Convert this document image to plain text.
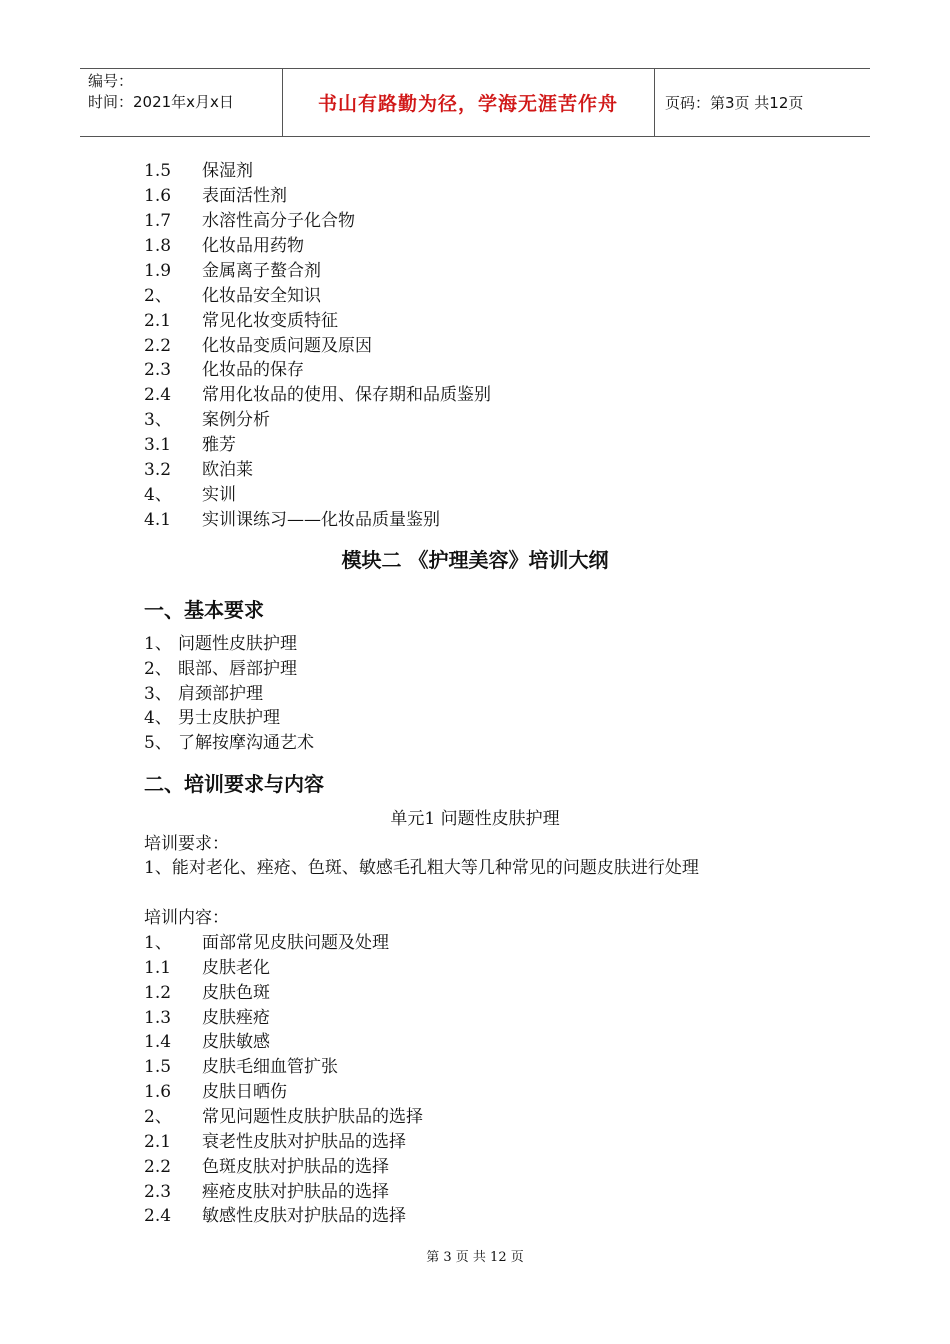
编号：
时间：2021年x月x日	书山有路勤为径，学海无涯苦作舟	页码：第3页 共12页
1.5 保湿剂
1.6 表面活性剂
1.7 水溶性高分子化合物
1.8 化妆品用药物
1.9 金属离子螯合剂
2、 化妆品安全知识
2.1 常见化妆变质特征
2.2 化妆品变质问题及原因
2.3 化妆品的保存
2.4 常用化妆品的使用、保存期和品质鉴别
3、 案例分析
3.1 雅芳
3.2 欧泊莱
4、 实训
4.1 实训课练习——化妆品质量鉴别
模块二 《护理美容》培训大纲
一、基本要求
1、 问题性皮肤护理
2、 眼部、唇部护理
3、 肩颈部护理
4、 男士皮肤护理
5、 了解按摩沟通艺术
二、培训要求与内容
单元1 问题性皮肤护理
培训要求：
1、能对老化、痤疮、色斑、敏感毛孔粗大等几种常见的问题皮肤进行处理
培训内容：
1、 面部常见皮肤问题及处理
1.1 皮肤老化
1.2 皮肤色斑
1.3 皮肤痤疮
1.4 皮肤敏感
1.5 皮肤毛细血管扩张
1.6 皮肤日晒伤
2、 常见问题性皮肤护肤品的选择
2.1 衰老性皮肤对护肤品的选择
2.2 色斑皮肤对护肤品的选择
2.3 痤疮皮肤对护肤品的选择
2.4 敏感性皮肤对护肤品的选择
第 3 页 共 12 页
